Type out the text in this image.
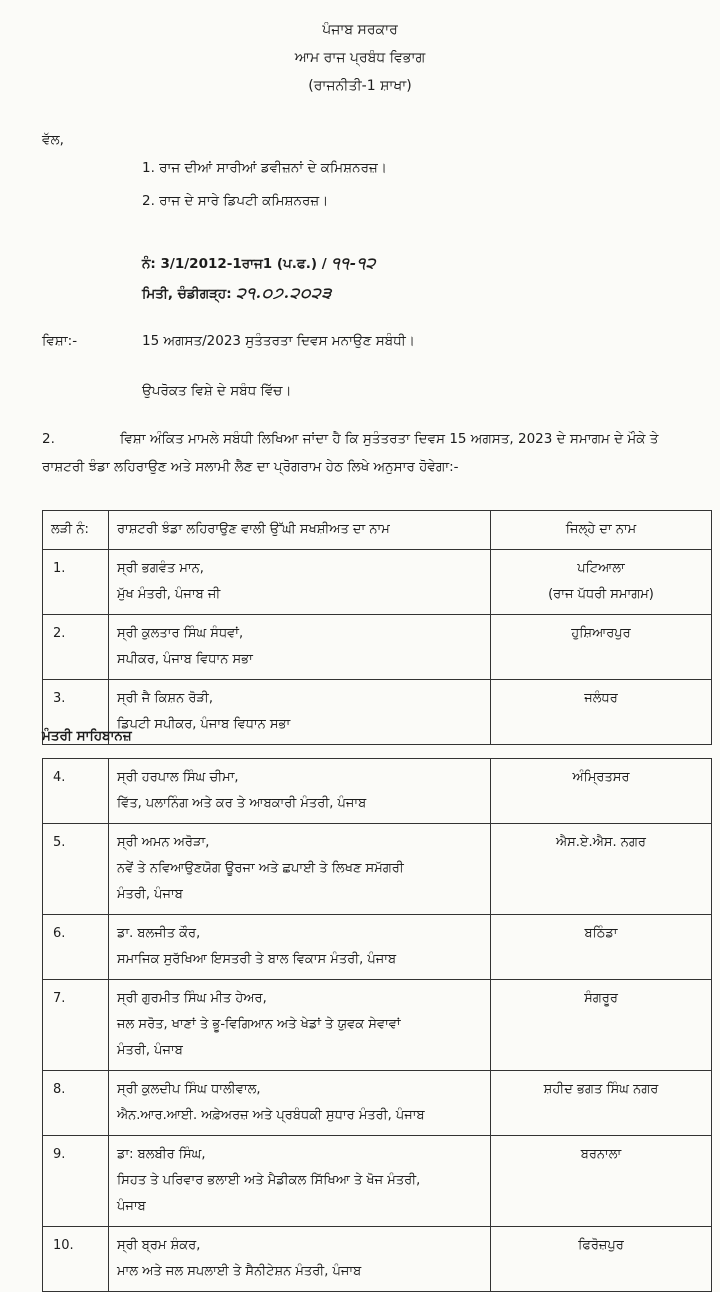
ਪੰਜਾਬ ਸਰਕਾਰ
ਆਮ ਰਾਜ ਪ੍ਰਬੰਧ ਵਿਭਾਗ
(ਰਾਜਨੀਤੀ-1 ਸ਼ਾਖਾ)
ਵੱਲ,
1. ਰਾਜ ਦੀਆਂ ਸਾਰੀਆਂ ਡਵੀਜ਼ਨਾਂ ਦੇ ਕਮਿਸ਼ਨਰਜ਼।
2. ਰਾਜ ਦੇ ਸਾਰੇ ਡਿਪਟੀ ਕਮਿਸ਼ਨਰਜ਼।
ਨੰ: 3/1/2012-1ਰਾਜ1 (ਪ.ਫ.) / ੧੧-੧੨
ਮਿਤੀ, ਚੰਡੀਗੜ੍ਹ: ੨੧.੦੭.੨੦੨੩
ਵਿਸ਼ਾ:-	15 ਅਗਸਤ/2023 ਸੁਤੰਤਰਤਾ ਦਿਵਸ ਮਨਾਉਣ ਸਬੰਧੀ।
ਉਪਰੋਕਤ ਵਿਸ਼ੇ ਦੇ ਸਬੰਧ ਵਿੱਚ।
2.	ਵਿਸ਼ਾ ਅੰਕਿਤ ਮਾਮਲੇ ਸਬੰਧੀ ਲਿਖਿਆ ਜਾਂਦਾ ਹੈ ਕਿ ਸੁਤੰਤਰਤਾ ਦਿਵਸ 15 ਅਗਸਤ, 2023 ਦੇ ਸਮਾਗਮ ਦੇ ਮੌਕੇ ਤੇ ਰਾਸ਼ਟਰੀ ਝੰਡਾ ਲਹਿਰਾਉਣ ਅਤੇ ਸਲਾਮੀ ਲੈਣ ਦਾ ਪ੍ਰੋਗਰਾਮ ਹੇਠ ਲਿਖੇ ਅਨੁਸਾਰ ਹੋਵੇਗਾ:-
ਲੜੀ ਨੰ:	ਰਾਸ਼ਟਰੀ ਝੰਡਾ ਲਹਿਰਾਉਣ ਵਾਲੀ ਉੱਘੀ ਸਖਸ਼ੀਅਤ ਦਾ ਨਾਮ	ਜਿਲ੍ਹੇ ਦਾ ਨਾਮ
1.	ਸ੍ਰੀ ਭਗਵੰਤ ਮਾਨ,
ਮੁੱਖ ਮੰਤਰੀ, ਪੰਜਾਬ ਜੀ	ਪਟਿਆਲਾ
(ਰਾਜ ਪੱਧਰੀ ਸਮਾਗਮ)

2.	ਸ੍ਰੀ ਕੁਲਤਾਰ ਸਿੰਘ ਸੰਧਵਾਂ,
ਸਪੀਕਰ, ਪੰਜਾਬ ਵਿਧਾਨ ਸਭਾ	ਹੁਸ਼ਿਆਰਪੁਰ

3.	ਸ੍ਰੀ ਜੈ ਕਿਸ਼ਨ ਰੋੜੀ,
ਡਿਪਟੀ ਸਪੀਕਰ, ਪੰਜਾਬ ਵਿਧਾਨ ਸਭਾ	ਜਲੰਧਰ
ਮੰਤਰੀ ਸਾਹਿਬਾਨਜ਼
4.	ਸ੍ਰੀ ਹਰਪਾਲ ਸਿੰਘ ਚੀਮਾ,
ਵਿੱਤ, ਪਲਾਨਿੰਗ ਅਤੇ ਕਰ ਤੇ ਆਬਕਾਰੀ ਮੰਤਰੀ, ਪੰਜਾਬ	ਅੰਮ੍ਰਿਤਸਰ

5.	ਸ੍ਰੀ ਅਮਨ ਅਰੋੜਾ,
ਨਵੇਂ ਤੇ ਨਵਿਆਉਣਯੋਗ ਊਰਜਾ ਅਤੇ ਛਪਾਈ ਤੇ ਲਿਖਣ ਸਮੱਗਰੀ
ਮੰਤਰੀ, ਪੰਜਾਬ	ਐਸ.ਏ.ਐਸ. ਨਗਰ

6.	ਡਾ. ਬਲਜੀਤ ਕੌਰ,
ਸਮਾਜਿਕ ਸੁਰੱਖਿਆ ਇਸਤਰੀ ਤੇ ਬਾਲ ਵਿਕਾਸ ਮੰਤਰੀ, ਪੰਜਾਬ	ਬਠਿੰਡਾ

7.	ਸ੍ਰੀ ਗੁਰਮੀਤ ਸਿੰਘ ਮੀਤ ਹੇਅਰ,
ਜਲ ਸਰੋਤ, ਖਾਣਾਂ ਤੇ ਭੂ-ਵਿਗਿਆਨ ਅਤੇ ਖੇਡਾਂ ਤੇ ਯੁਵਕ ਸੇਵਾਵਾਂ
ਮੰਤਰੀ, ਪੰਜਾਬ	ਸੰਗਰੂਰ

8.	ਸ੍ਰੀ ਕੁਲਦੀਪ ਸਿੰਘ ਧਾਲੀਵਾਲ,
ਐਨ.ਆਰ.ਆਈ. ਅਫ਼ੇਅਰਜ਼ ਅਤੇ ਪ੍ਰਬੰਧਕੀ ਸੁਧਾਰ ਮੰਤਰੀ, ਪੰਜਾਬ	ਸ਼ਹੀਦ ਭਗਤ ਸਿੰਘ ਨਗਰ

9.	ਡਾ: ਬਲਬੀਰ ਸਿੰਘ,
ਸਿਹਤ ਤੇ ਪਰਿਵਾਰ ਭਲਾਈ ਅਤੇ ਮੈਡੀਕਲ ਸਿੱਖਿਆ ਤੇ ਖੋਜ ਮੰਤਰੀ,
ਪੰਜਾਬ	ਬਰਨਾਲਾ

10.	ਸ੍ਰੀ ਬ੍ਰਮ ਸ਼ੰਕਰ,
ਮਾਲ ਅਤੇ ਜਲ ਸਪਲਾਈ ਤੇ ਸੈਨੀਟੇਸ਼ਨ ਮੰਤਰੀ, ਪੰਜਾਬ	ਫਿਰੋਜ਼ਪੁਰ
